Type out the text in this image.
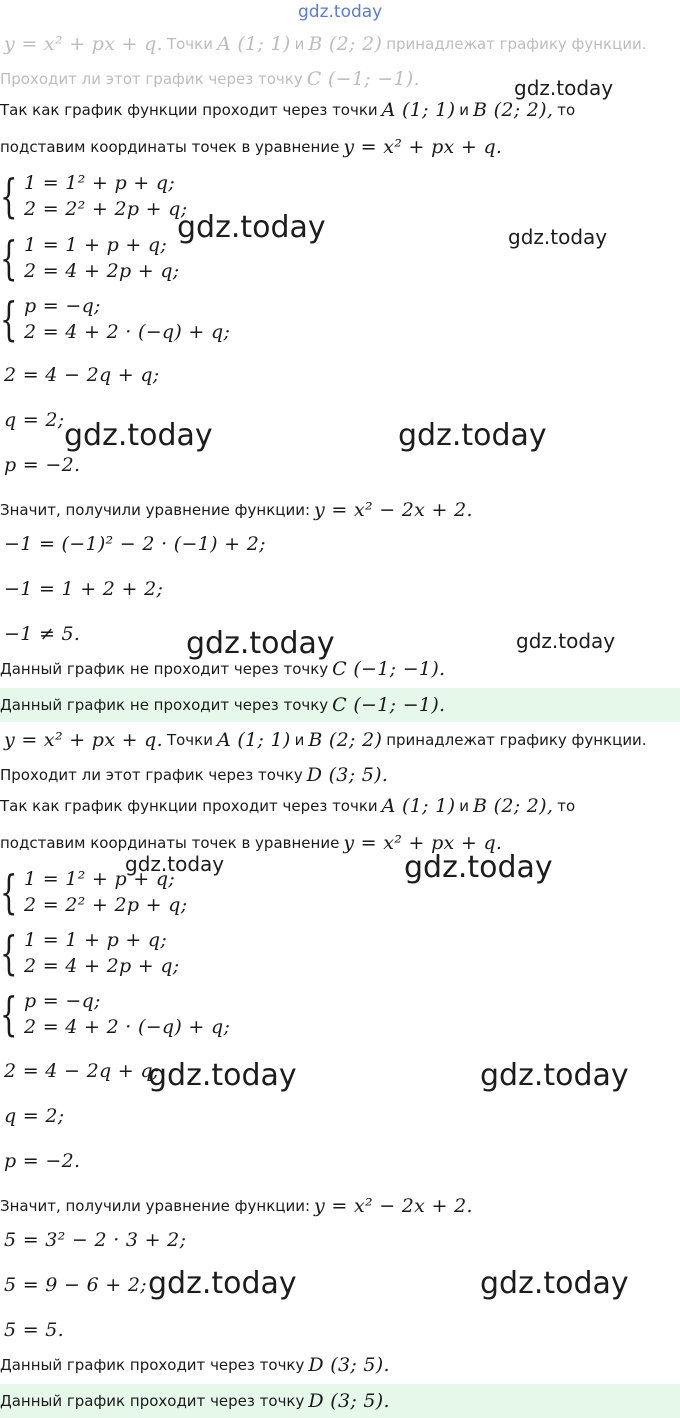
y = x² + px + q. Точки A (1; 1) и B (2; 2) принадлежат графику функции.
Проходит ли этот график через точку C (−1; −1).
Так как график функции проходит через точки A (1; 1) и B (2; 2), то
подставим координаты точек в уравнение y = x² + px + q.
{ 1 = 1² + p + q;
2 = 2² + 2p + q;
{ 1 = 1 + p + q;
2 = 4 + 2p + q;
{ p = −q;
2 = 4 + 2 · (−q) + q;
2 = 4 − 2q + q;
q = 2;
p = −2.
Значит, получили уравнение функции: y = x² − 2x + 2.
−1 = (−1)² − 2 · (−1) + 2;
−1 = 1 + 2 + 2;
−1 ≠ 5.
Данный график не проходит через точку C (−1; −1).
Данный график не проходит через точку C (−1; −1).
y = x² + px + q. Точки A (1; 1) и B (2; 2) принадлежат графику функции.
Проходит ли этот график через точку D (3; 5).
Так как график функции проходит через точки A (1; 1) и B (2; 2), то
подставим координаты точек в уравнение y = x² + px + q.
{ 1 = 1² + p + q;
2 = 2² + 2p + q;
{ 1 = 1 + p + q;
2 = 4 + 2p + q;
{ p = −q;
2 = 4 + 2 · (−q) + q;
2 = 4 − 2q + q;
q = 2;
p = −2.
Значит, получили уравнение функции: y = x² − 2x + 2.
5 = 3² − 2 · 3 + 2;
5 = 9 − 6 + 2;
5 = 5.
Данный график проходит через точку D (3; 5).
Данный график проходит через точку D (3; 5).
gdz.today
gdz.today
gdz.today	gdz.today
gdz.today	gdz.today
gdz.today	gdz.today
gdz.today	gdz.today
gdz.today	gdz.today
gdz.today	gdz.today
